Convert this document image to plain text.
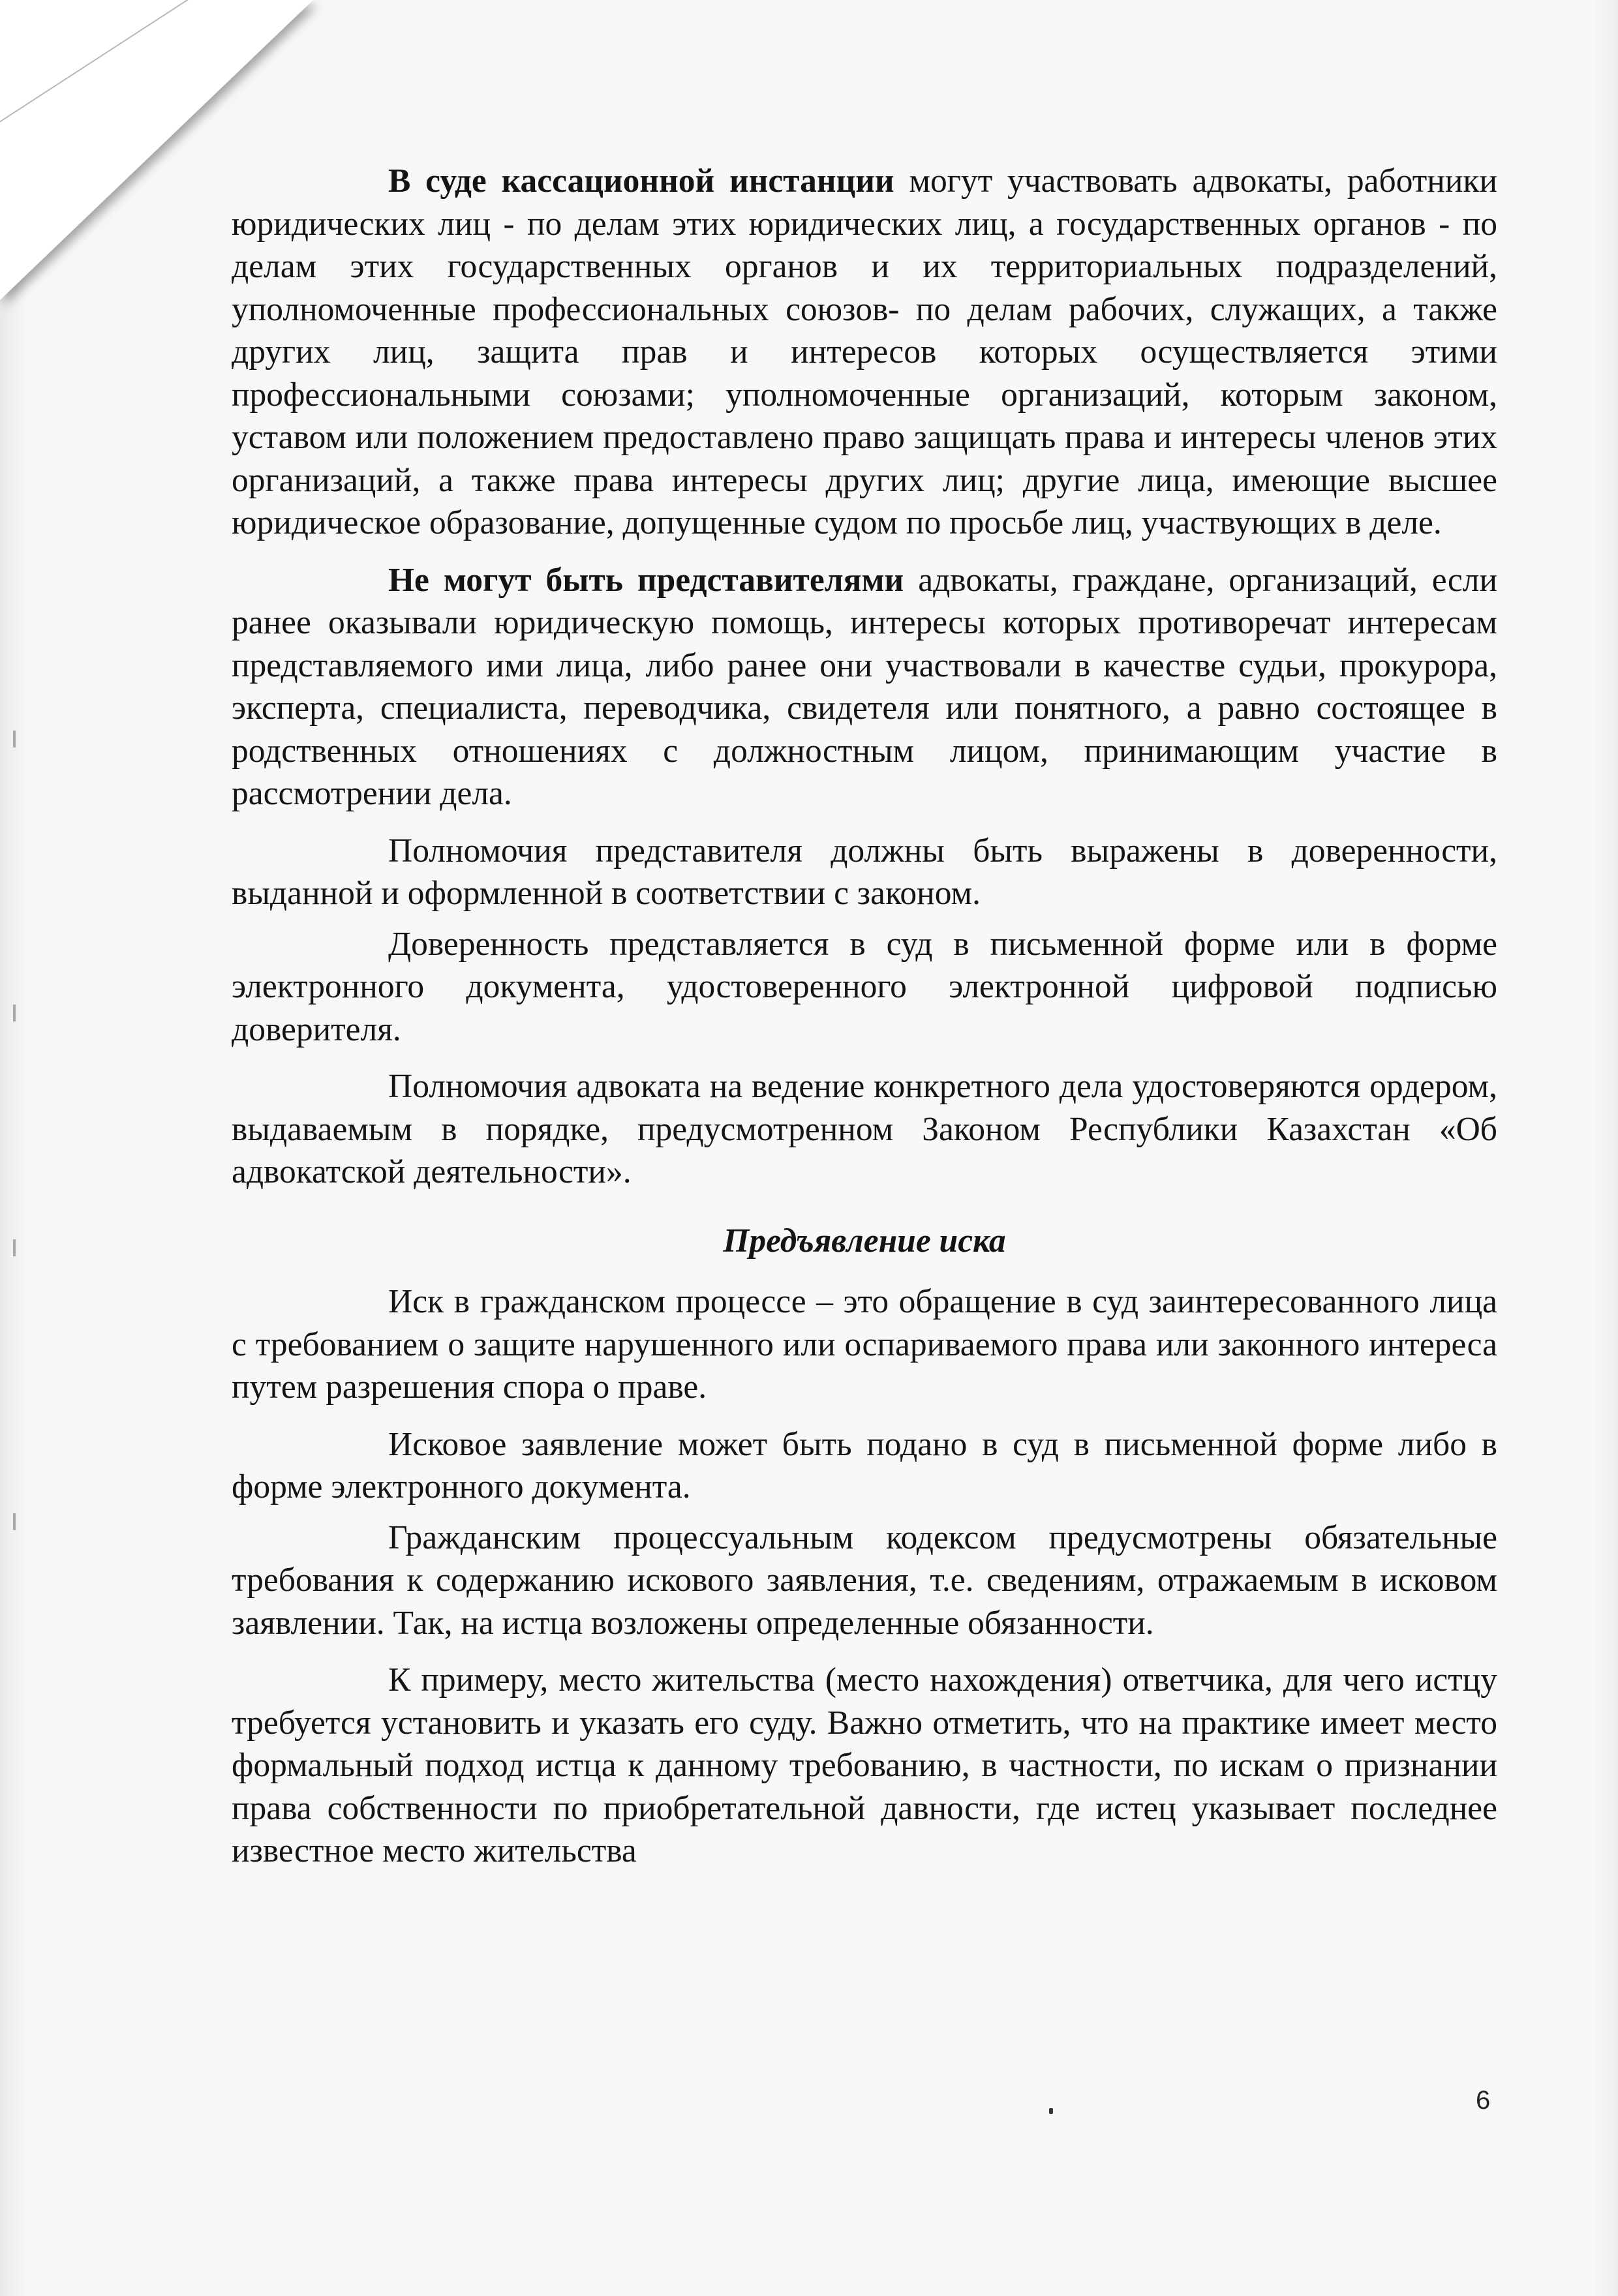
В суде кассационной инстанции могут участвовать адвокаты, работники юридических лиц - по делам этих юридических лиц, а государственных органов - по делам этих государственных органов и их территориальных подразделений, уполномоченные профессиональных союзов- по делам рабочих, служащих, а также других лиц, защита прав и интересов которых осуществляется этими профессиональными союзами; уполномоченные организаций, которым законом, уставом или положением предоставлено право защищать права и интересы членов этих организаций, а также права интересы других лиц; другие лица, имеющие высшее юридическое образование, допущенные судом по просьбе лиц, участвующих в деле.

Не могут быть представителями адвокаты, граждане, организаций, если ранее оказывали юридическую помощь, интересы которых противоречат интересам представляемого ими лица, либо ранее они участвовали в качестве судьи, прокурора, эксперта, специалиста, переводчика, свидетеля или понятного, а равно состоящее в родственных отношениях с должностным лицом, принимающим участие в рассмотрении дела.

Полномочия представителя должны быть выражены в доверенности, выданной и оформленной в соответствии с законом.

Доверенность представляется в суд в письменной форме или в форме электронного документа, удостоверенного электронной цифровой подписью доверителя.

Полномочия адвоката на ведение конкретного дела удостоверяются ордером, выдаваемым в порядке, предусмотренном Законом Республики Казахстан «Об адвокатской деятельности».

Предъявление иска

Иск в гражданском процессе – это обращение в суд заинтересованного лица с требованием о защите нарушенного или оспариваемого права или законного интереса путем разрешения спора о праве.

Исковое заявление может быть подано в суд в письменной форме либо в форме электронного документа.

Гражданским процессуальным кодексом предусмотрены обязательные требования к содержанию искового заявления, т.е. сведениям, отражаемым в исковом заявлении. Так, на истца возложены определенные обязанности.

К примеру, место жительства (место нахождения) ответчика, для чего истцу требуется установить и указать его суду. Важно отметить, что на практике имеет место формальный подход истца к данному требованию, в частности, по искам о признании права собственности по приобретательной давности, где истец указывает последнее известное место жительства

6
